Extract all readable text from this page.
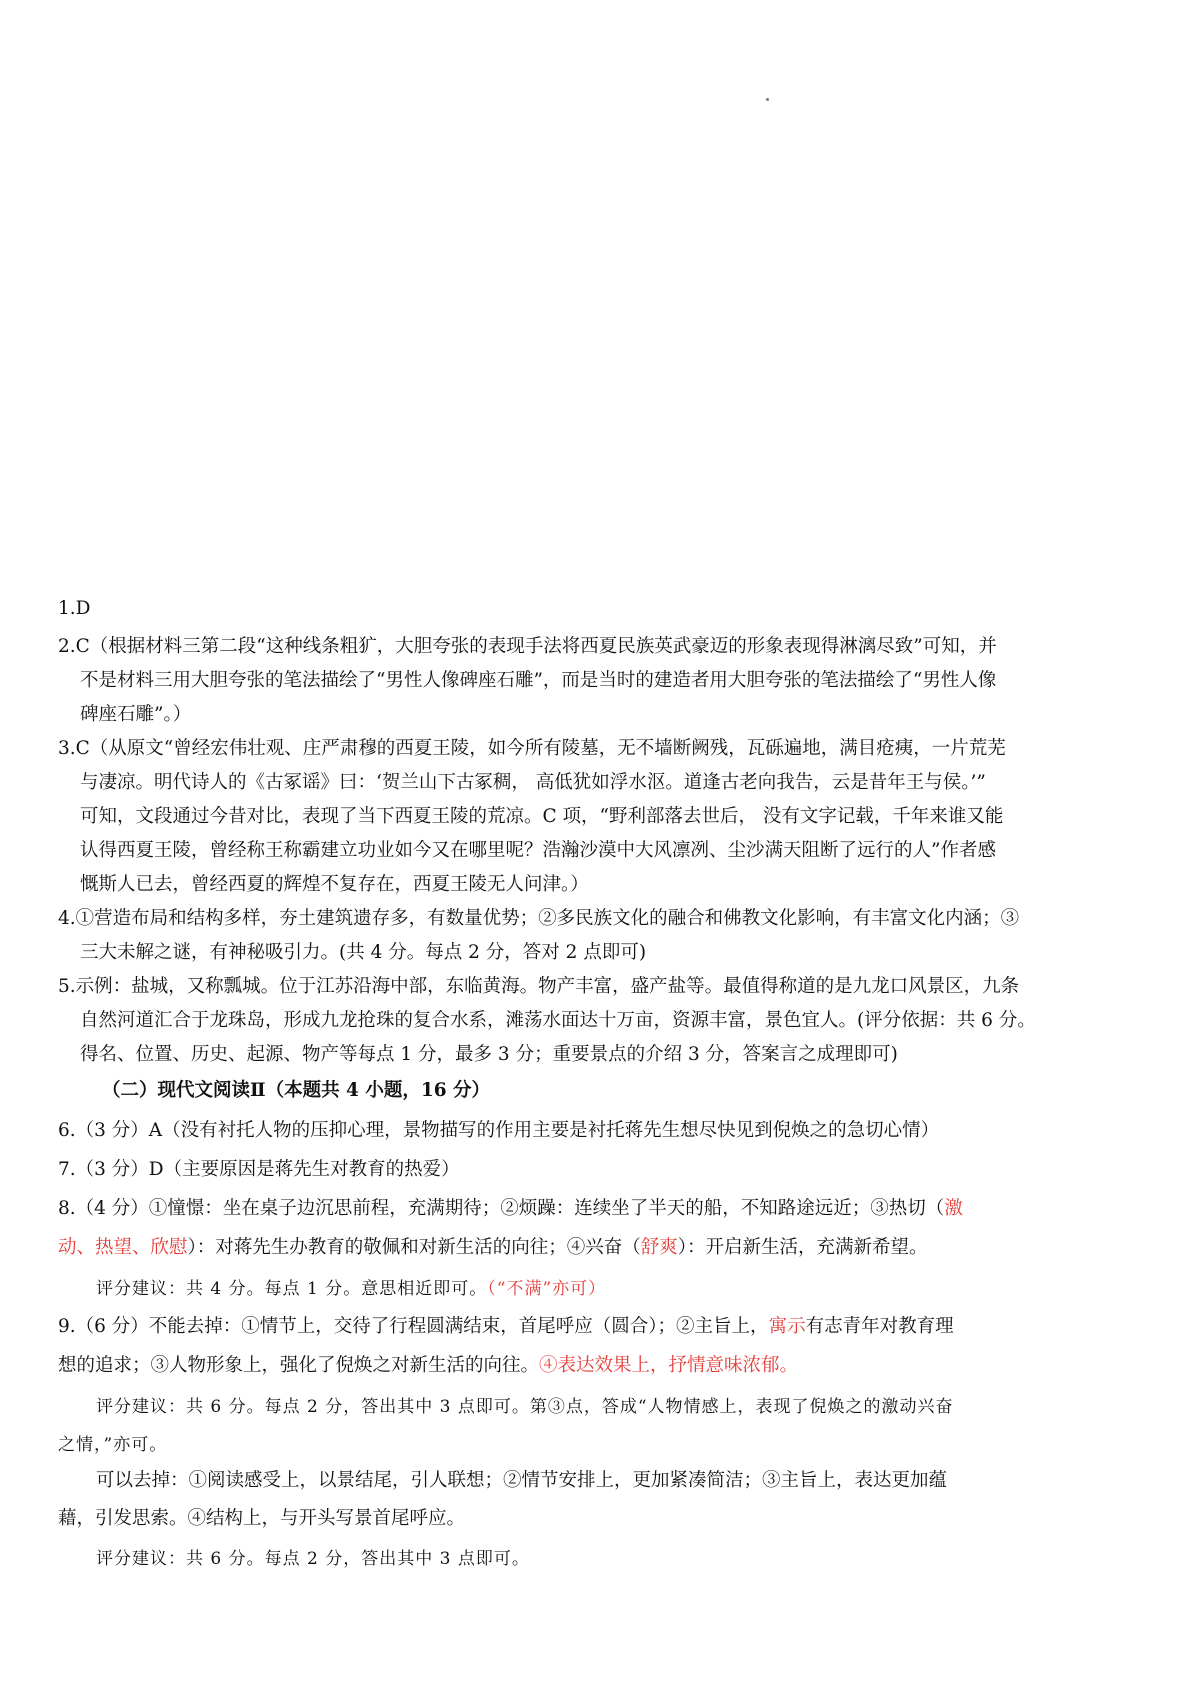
1.D
2.C（根据材料三第二段“这种线条粗犷，大胆夸张的表现手法将西夏民族英武豪迈的形象表现得淋漓尽致”可知，并
不是材料三用大胆夸张的笔法描绘了“男性人像碑座石雕”，而是当时的建造者用大胆夸张的笔法描绘了“男性人像
碑座石雕”。）
3.C（从原文“曾经宏伟壮观、庄严肃穆的西夏王陵，如今所有陵墓，无不墙断阙残，瓦砾遍地，满目疮痍，一片荒芜
与凄凉。明代诗人的《古冢谣》曰：‘贺兰山下古冢稠， 高低犹如浮水沤。道逢古老向我告，云是昔年王与侯。’”
可知，文段通过今昔对比，表现了当下西夏王陵的荒凉。C 项，“野利部落去世后， 没有文字记载，千年来谁又能
认得西夏王陵，曾经称王称霸建立功业如今又在哪里呢？浩瀚沙漠中大风凛冽、尘沙满天阻断了远行的人”作者感
慨斯人已去，曾经西夏的辉煌不复存在，西夏王陵无人问津。）
4.①营造布局和结构多样，夯土建筑遗存多，有数量优势；②多民族文化的融合和佛教文化影响，有丰富文化内涵；③
三大未解之谜，有神秘吸引力。(共 4 分。每点 2 分，答对 2 点即可)
5.示例：盐城，又称瓢城。位于江苏沿海中部，东临黄海。物产丰富，盛产盐等。最值得称道的是九龙口风景区，九条
自然河道汇合于龙珠岛，形成九龙抢珠的复合水系，滩荡水面达十万亩，资源丰富，景色宜人。(评分依据：共 6 分。
得名、位置、历史、起源、物产等每点 1 分，最多 3 分；重要景点的介绍 3 分，答案言之成理即可)
（二）现代文阅读Ⅱ（本题共 4 小题，16 分）
6.（3 分）A（没有衬托人物的压抑心理，景物描写的作用主要是衬托蒋先生想尽快见到倪焕之的急切心情）
7.（3 分）D（主要原因是蒋先生对教育的热爱）
8.（4 分）①憧憬：坐在桌子边沉思前程，充满期待；②烦躁：连续坐了半天的船，不知路途远近；③热切（激
动、热望、欣慰）：对蒋先生办教育的敬佩和对新生活的向往；④兴奋（舒爽）：开启新生活，充满新希望。
评分建议：共 4 分。每点 1 分。意思相近即可。（“不满”亦可）
9.（6 分）不能去掉：①情节上，交待了行程圆满结束，首尾呼应（圆合）；②主旨上，寓示有志青年对教育理
想的追求；③人物形象上，强化了倪焕之对新生活的向往。④表达效果上，抒情意味浓郁。
评分建议：共 6 分。每点 2 分，答出其中 3 点即可。第③点，答成“人物情感上，表现了倪焕之的激动兴奋
之情，”亦可。
可以去掉：①阅读感受上，以景结尾，引人联想；②情节安排上，更加紧凑简洁；③主旨上，表达更加蕴
藉，引发思索。④结构上，与开头写景首尾呼应。
评分建议：共 6 分。每点 2 分，答出其中 3 点即可。
